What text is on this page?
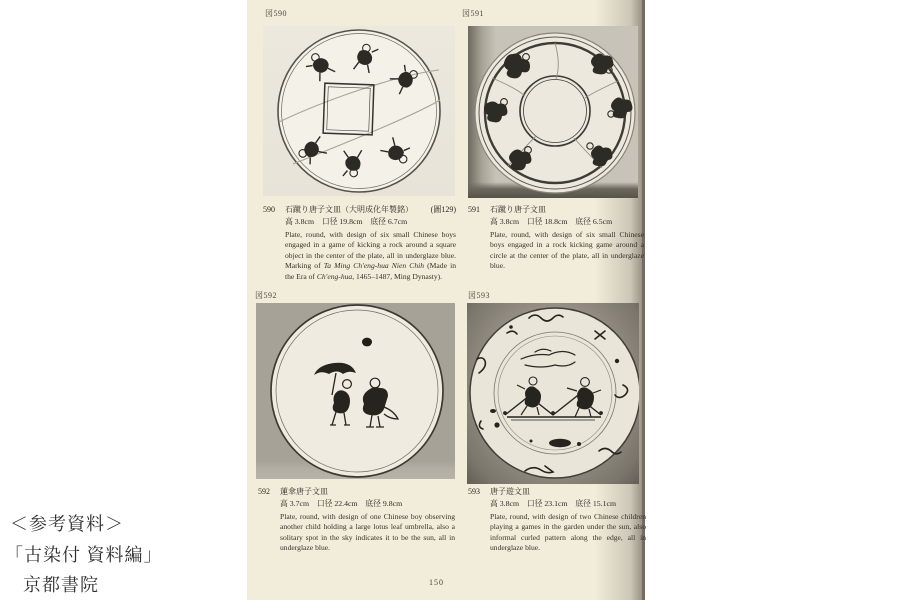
図590
590	石蹴り唐子文皿（大明成化年製銘）	(圖129)
高 3.8cm　口径 19.8cm　底径 6.7cm
Plate, round, with design of six small Chinese boys engaged in a game of kicking a rock around a square object in the center of the plate, all in underglaze blue. Marking of Ta Ming Ch'eng-hua Nien Chih (Made in the Era of Ch'eng-hua, 1465–1487, Ming Dynasty).
図591
591	石蹴り唐子文皿
高 3.8cm　口径 18.8cm　底径 6.5cm
Plate, round, with design of six small Chinese boys engaged in a rock kicking game around a circle at the center of the plate, all in underglaze blue.
図592
592	蓮傘唐子文皿
高 3.7cm　口径 22.4cm　底径 9.8cm
Plate, round, with design of one Chinese boy observing another child holding a large lotus leaf umbrella, also a solitary spot in the sky indicates it to be the sun, all in underglaze blue.
図593
593	唐子遊文皿
高 3.8cm　口径 23.1cm　底径 15.1cm
Plate, round, with design of two Chinese children playing a games in the garden under the sun, also informal curled pattern along the edge, all in underglaze blue.
150
＜参考資料＞
「古染付 資料編」
京都書院
